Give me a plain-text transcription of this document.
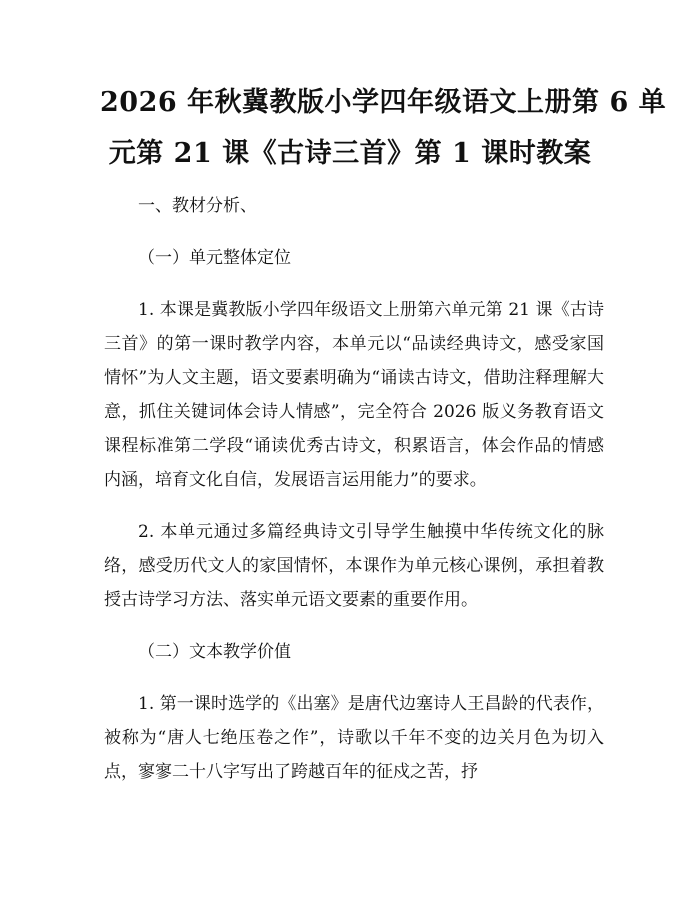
2026 年秋冀教版小学四年级语文上册第 6 单
元第 21 课《古诗三首》第 1 课时教案

一、教材分析、

（一）单元整体定位

1. 本课是冀教版小学四年级语文上册第六单元第 21 课《古诗三首》的第一课时教学内容，本单元以“品读经典诗文，感受家国情怀”为人文主题，语文要素明确为“诵读古诗文，借助注释理解大意，抓住关键词体会诗人情感”，完全符合 2026 版义务教育语文课程标准第二学段“诵读优秀古诗文，积累语言，体会作品的情感内涵，培育文化自信，发展语言运用能力”的要求。

2. 本单元通过多篇经典诗文引导学生触摸中华传统文化的脉络，感受历代文人的家国情怀，本课作为单元核心课例，承担着教授古诗学习方法、落实单元语文要素的重要作用。

（二）文本教学价值

1. 第一课时选学的《出塞》是唐代边塞诗人王昌龄的代表作，被称为“唐人七绝压卷之作”，诗歌以千年不变的边关月色为切入点，寥寥二十八字写出了跨越百年的征戍之苦，抒
